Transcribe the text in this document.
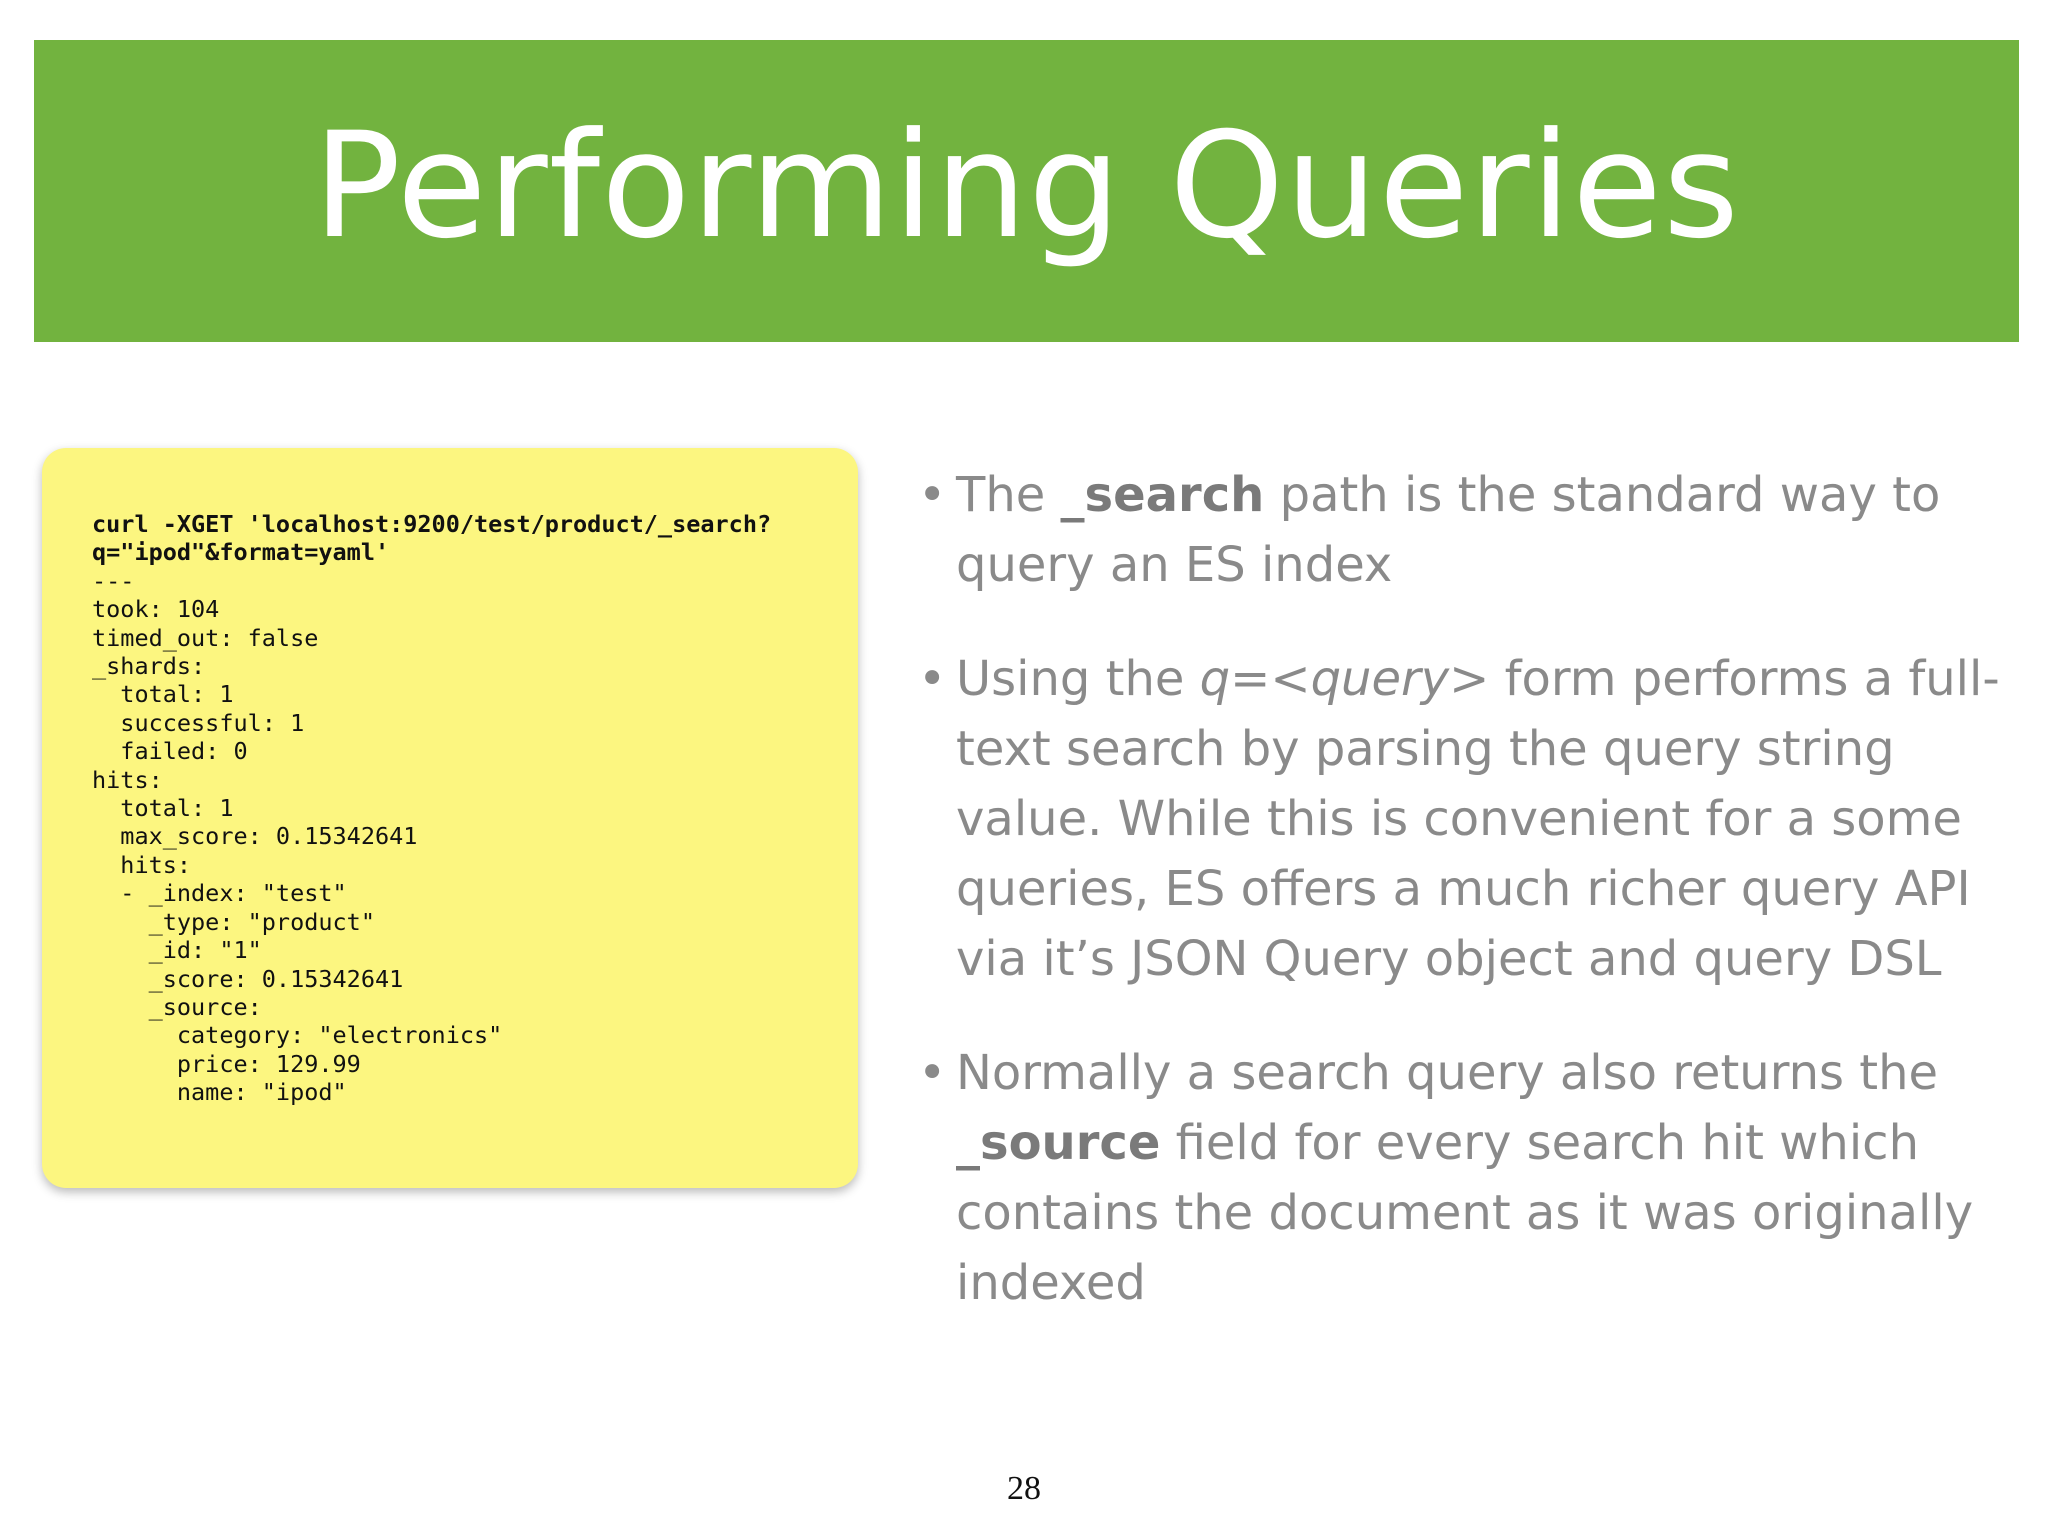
Performing Queries
curl -XGET 'localhost:9200/test/product/_search?
q="ipod"&format=yaml'
---
took: 104
timed_out: false
_shards:
total: 1
successful: 1
failed: 0
hits:
total: 1
max_score: 0.15342641
hits:
- _index: "test"
_type: "product"
_id: "1"
_score: 0.15342641
_source:
category: "electronics"
price: 129.99
name: "ipod"
• The _search path is the standard way to
query an ES index
• Using the q=<query> form performs a full-
text search by parsing the query string
value. While this is convenient for a some
queries, ES offers a much richer query API
via it’s JSON Query object and query DSL
• Normally a search query also returns the
_source field for every search hit which
contains the document as it was originally
indexed
28
